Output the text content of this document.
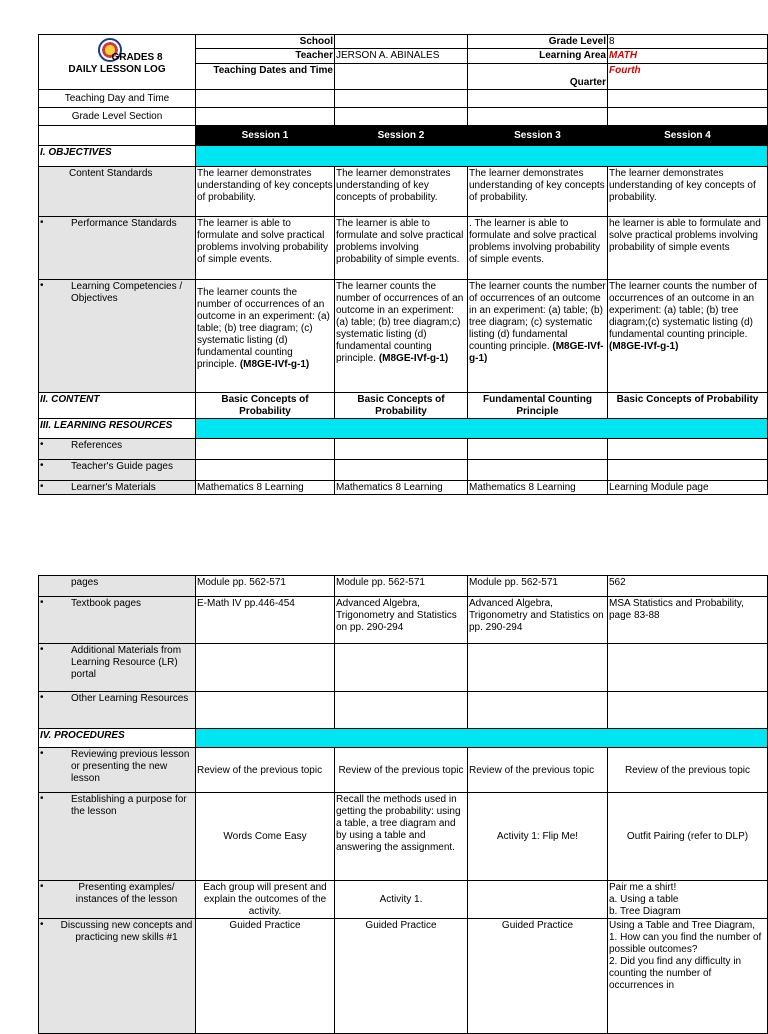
GRADES 8
DAILY LESSON LOG	School		Grade Level	8
	Teacher	JERSON A. ABINALES	Learning Area	MATH
	Teaching Dates and Time		Quarter	Fourth
Teaching Day and Time				
Grade Level Section				
	Session 1	Session 2	Session 3	Session 4
I. OBJECTIVES				
Content Standards	The learner demonstrates understanding of key concepts of probability.	The learner demonstrates understanding of key concepts of probability.	The learner demonstrates understanding of key concepts of probability.	The learner demonstrates understanding of key concepts of probability.
• Performance Standards	The learner is able to formulate and solve practical problems involving probability of simple events.	The learner is able to formulate and solve practical problems involving probability of simple events.	. The learner is able to formulate and solve practical problems involving probability of simple events.	he learner is able to formulate and solve practical problems involving probability of simple events
• Learning Competencies / Objectives	The learner counts the number of occurrences of an outcome in an experiment: (a) table; (b) tree diagram; (c) systematic listing (d) fundamental counting principle. (M8GE-IVf-g-1)	The learner counts the number of occurrences of an outcome in an experiment: (a) table; (b) tree diagram;c) systematic listing (d) fundamental counting principle. (M8GE-IVf-g-1)	The learner counts the number of occurrences of an outcome in an experiment: (a) table; (b) tree diagram; (c) systematic listing (d) fundamental counting principle. (M8GE-IVf-g-1)	The learner counts the number of occurrences of an outcome in an experiment: (a) table; (b) tree diagram;(c) systematic listing (d) fundamental counting principle. (M8GE-IVf-g-1)
II. CONTENT	Basic Concepts of Probability	Basic Concepts of Probability	Fundamental Counting Principle	Basic Concepts of Probability
III. LEARNING RESOURCES				
• References				
• Teacher's Guide pages				
• Learner's Materials	Mathematics 8 Learning	Mathematics 8 Learning	Mathematics 8 Learning	Learning Module page
pages	Module pp. 562-571	Module pp. 562-571	Module pp. 562-571	562
• Textbook pages	E-Math IV pp.446-454	Advanced Algebra, Trigonometry and Statistics on pp. 290-294	Advanced Algebra, Trigonometry and Statistics on pp. 290-294	MSA Statistics and Probability, page 83-88
• Additional Materials from Learning Resource (LR) portal				
• Other Learning Resources				
IV. PROCEDURES				
• Reviewing previous lesson or presenting the new lesson	Review of the previous topic	Review of the previous topic	Review of the previous topic	Review of the previous topic
• Establishing a purpose for the lesson	Words Come Easy	Recall the methods used in getting the probability: using a table, a tree diagram and by using a table and answering the assignment.	Activity 1: Flip Me!	Outfit Pairing (refer to DLP)
• Presenting examples/ instances of the lesson	Each group will present and explain the outcomes of the activity.	Activity 1.		Pair me a shirt!
a. Using a table
b. Tree Diagram
• Discussing new concepts and practicing new skills #1	Guided Practice	Guided Practice	Guided Practice	Using a Table and Tree Diagram,
1. How can you find the number of possible outcomes?
2. Did you find any difficulty in counting the number of occurrences in
